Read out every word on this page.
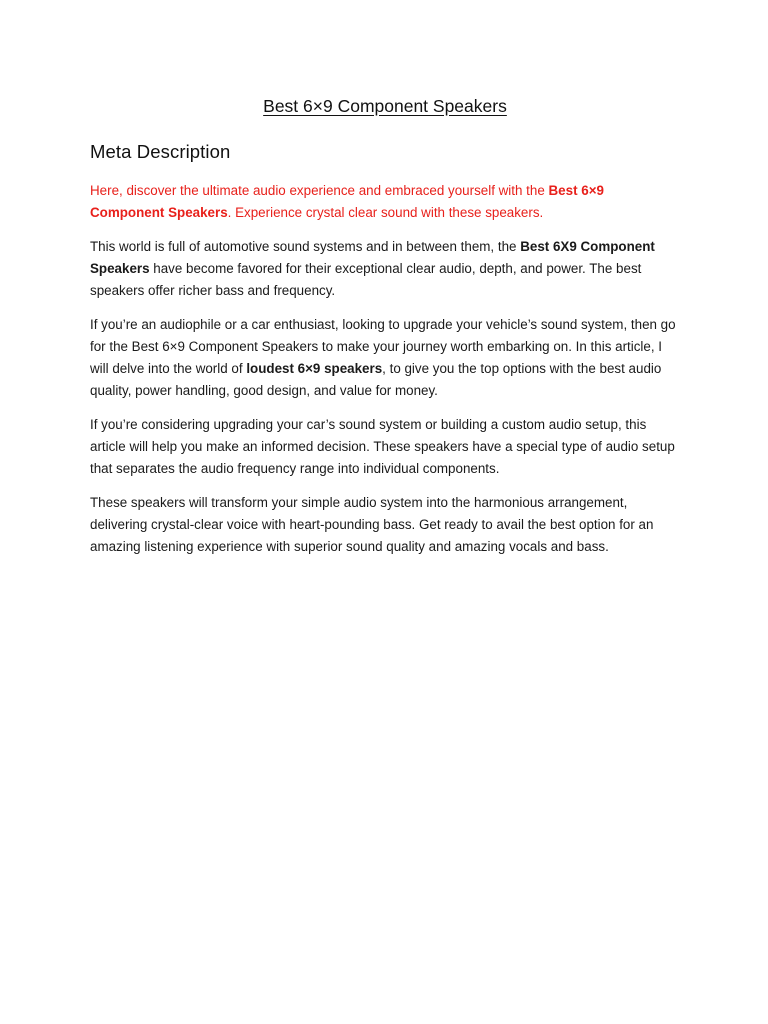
Best 6×9 Component Speakers
Meta Description

Here, discover the ultimate audio experience and embraced yourself with the Best 6×9 Component Speakers. Experience crystal clear sound with these speakers.

This world is full of automotive sound systems and in between them, the Best 6X9 Component Speakers have become favored for their exceptional clear audio, depth, and power. The best speakers offer richer bass and frequency.

If you’re an audiophile or a car enthusiast, looking to upgrade your vehicle’s sound system, then go for the Best 6×9 Component Speakers to make your journey worth embarking on. In this article, I will delve into the world of loudest 6×9 speakers, to give you the top options with the best audio quality, power handling, good design, and value for money.

If you’re considering upgrading your car’s sound system or building a custom audio setup, this article will help you make an informed decision. These speakers have a special type of audio setup that separates the audio frequency range into individual components.

These speakers will transform your simple audio system into the harmonious arrangement, delivering crystal-clear voice with heart-pounding bass. Get ready to avail the best option for an amazing listening experience with superior sound quality and amazing vocals and bass.
